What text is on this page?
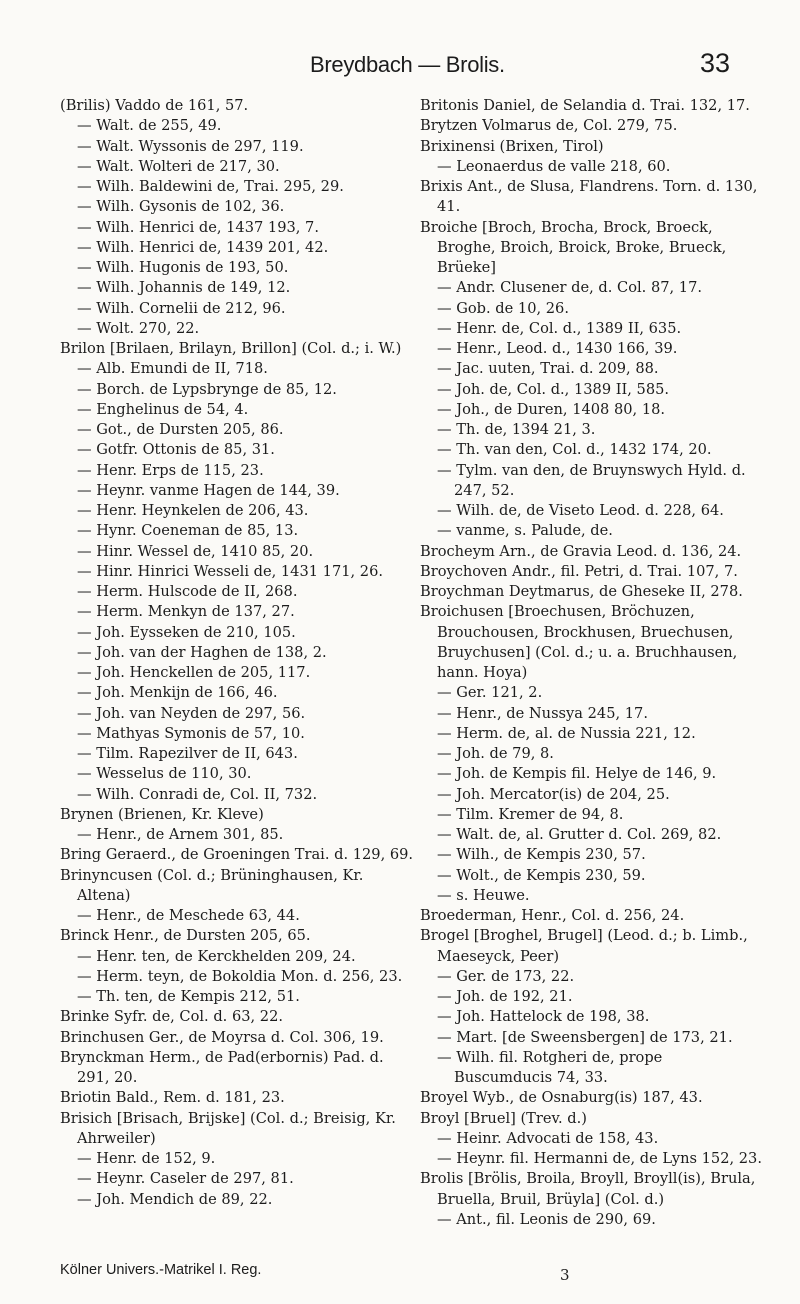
Breydbach — Brolis.	33
(Brilis) Vaddo de 161, 57.
— Walt. de 255, 49.
— Walt. Wyssonis de 297, 119.
— Walt. Wolteri de 217, 30.
— Wilh. Baldewini de, Trai. 295, 29.
— Wilh. Gysonis de 102, 36.
— Wilh. Henrici de, 1437 193, 7.
— Wilh. Henrici de, 1439 201, 42.
— Wilh. Hugonis de 193, 50.
— Wilh. Johannis de 149, 12.
— Wilh. Cornelii de 212, 96.
— Wolt. 270, 22.
Brilon [Brilaen, Brilayn, Brillon] (Col. d.; i. W.)
— Alb. Emundi de II, 718.
— Borch. de Lypsbrynge de 85, 12.
— Enghelinus de 54, 4.
— Got., de Dursten 205, 86.
— Gotfr. Ottonis de 85, 31.
— Henr. Erps de 115, 23.
— Heynr. vanme Hagen de 144, 39.
— Henr. Heynkelen de 206, 43.
— Hynr. Coeneman de 85, 13.
— Hinr. Wessel de, 1410 85, 20.
— Hinr. Hinrici Wesseli de, 1431 171, 26.
— Herm. Hulscode de II, 268.
— Herm. Menkyn de 137, 27.
— Joh. Eysseken de 210, 105.
— Joh. van der Haghen de 138, 2.
— Joh. Henckellen de 205, 117.
— Joh. Menkijn de 166, 46.
— Joh. van Neyden de 297, 56.
— Mathyas Symonis de 57, 10.
— Tilm. Rapezilver de II, 643.
— Wesselus de 110, 30.
— Wilh. Conradi de, Col. II, 732.
Brynen (Brienen, Kr. Kleve)
— Henr., de Arnem 301, 85.
Bring Geraerd., de Groeningen Trai. d. 129, 69.
Brinyncusen (Col. d.; Brüninghausen, Kr. Altena)
— Henr., de Meschede 63, 44.
Brinck Henr., de Dursten 205, 65.
— Henr. ten, de Kerckhelden 209, 24.
— Herm. teyn, de Bokoldia Mon. d. 256, 23.
— Th. ten, de Kempis 212, 51.
Brinke Syfr. de, Col. d. 63, 22.
Brinchusen Ger., de Moyrsa d. Col. 306, 19.
Brynckman Herm., de Pad(erbornis) Pad. d. 291, 20.
Briotin Bald., Rem. d. 181, 23.
Brisich [Brisach, Brijske] (Col. d.; Breisig, Kr. Ahrweiler)
— Henr. de 152, 9.
— Heynr. Caseler de 297, 81.
— Joh. Mendich de 89, 22.
Britonis Daniel, de Selandia d. Trai. 132, 17.
Brytzen Volmarus de, Col. 279, 75.
Brixinensi (Brixen, Tirol)
— Leonaerdus de valle 218, 60.
Brixis Ant., de Slusa, Flandrens. Torn. d. 130, 41.
Broiche [Broch, Brocha, Brock, Broeck, Broghe, Broich, Broick, Broke, Brueck, Brüeke]
— Andr. Clusener de, d. Col. 87, 17.
— Gob. de 10, 26.
— Henr. de, Col. d., 1389 II, 635.
— Henr., Leod. d., 1430 166, 39.
— Jac. uuten, Trai. d. 209, 88.
— Joh. de, Col. d., 1389 II, 585.
— Joh., de Duren, 1408 80, 18.
— Th. de, 1394 21, 3.
— Th. van den, Col. d., 1432 174, 20.
— Tylm. van den, de Bruynswych Hyld. d. 247, 52.
— Wilh. de, de Viseto Leod. d. 228, 64.
— vanme, s. Palude, de.
Brocheym Arn., de Gravia Leod. d. 136, 24.
Broychoven Andr., fil. Petri, d. Trai. 107, 7.
Broychman Deytmarus, de Gheseke II, 278.
Broichusen [Broechusen, Bröchuzen, Brouchousen, Brockhusen, Bruechusen, Bruychusen] (Col. d.; u. a. Bruchhausen, hann. Hoya)
— Ger. 121, 2.
— Henr., de Nussya 245, 17.
— Herm. de, al. de Nussia 221, 12.
— Joh. de 79, 8.
— Joh. de Kempis fil. Helye de 146, 9.
— Joh. Mercator(is) de 204, 25.
— Tilm. Kremer de 94, 8.
— Walt. de, al. Grutter d. Col. 269, 82.
— Wilh., de Kempis 230, 57.
— Wolt., de Kempis 230, 59.
— s. Heuwe.
Broederman, Henr., Col. d. 256, 24.
Brogel [Broghel, Brugel] (Leod. d.; b. Limb., Maeseyck, Peer)
— Ger. de 173, 22.
— Joh. de 192, 21.
— Joh. Hattelock de 198, 38.
— Mart. [de Sweensbergen] de 173, 21.
— Wilh. fil. Rotgheri de, prope Buscumducis 74, 33.
Broyel Wyb., de Osnaburg(is) 187, 43.
Broyl [Bruel] (Trev. d.)
— Heinr. Advocati de 158, 43.
— Heynr. fil. Hermanni de, de Lyns 152, 23.
Brolis [Brölis, Broila, Broyll, Broyll(is), Brula, Bruella, Bruil, Brüyla] (Col. d.)
— Ant., fil. Leonis de 290, 69.
Kölner Univers.-Matrikel I. Reg.	3
